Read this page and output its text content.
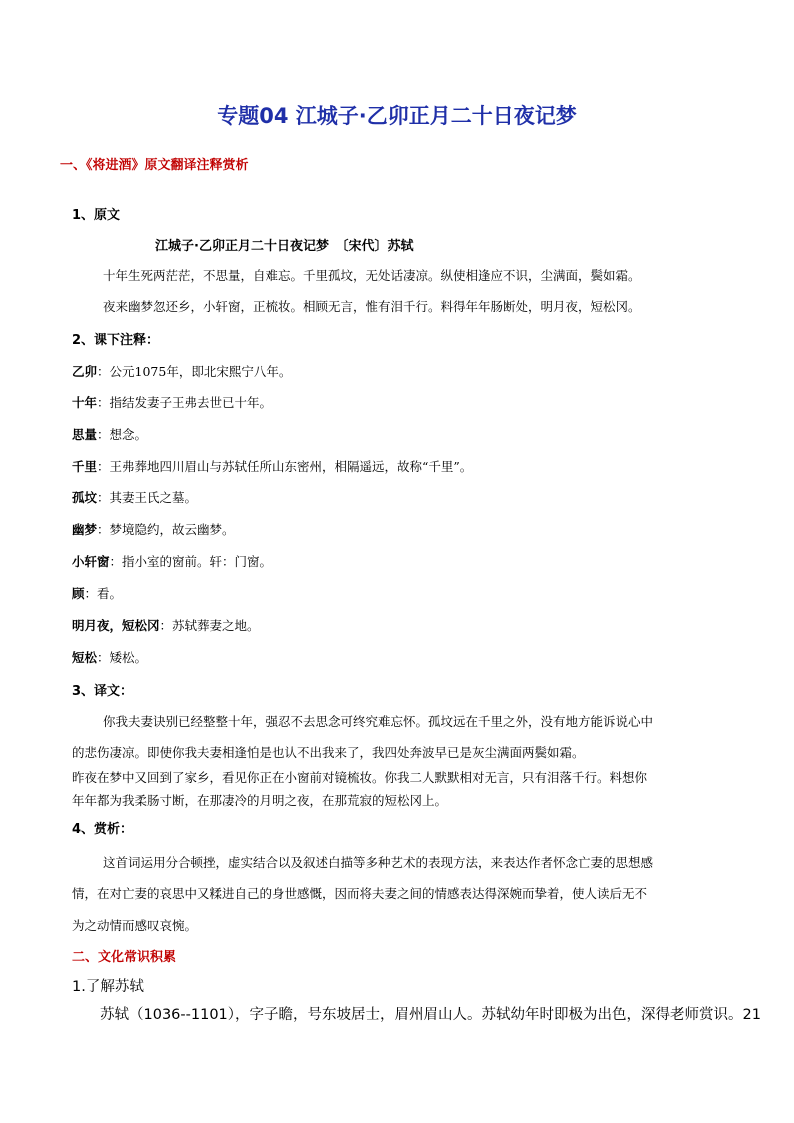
专题04 江城子·乙卯正月二十日夜记梦
一、《将进酒》原文翻译注释赏析
1、原文
江城子·乙卯正月二十日夜记梦　〔宋代〕苏轼
十年生死两茫茫，不思量，自难忘。千里孤坟，无处话凄凉。纵使相逢应不识，尘满面，鬓如霜。
夜来幽梦忽还乡，小轩窗，正梳妆。相顾无言，惟有泪千行。料得年年肠断处，明月夜，短松冈。
2、课下注释：
乙卯：公元1075年，即北宋熙宁八年。
十年：指结发妻子王弗去世已十年。
思量：想念。
千里：王弗葬地四川眉山与苏轼任所山东密州，相隔遥远，故称“千里”。
孤坟：其妻王氏之墓。
幽梦：梦境隐约，故云幽梦。
小轩窗：指小室的窗前。轩：门窗。
顾：看。
明月夜，短松冈：苏轼葬妻之地。
短松：矮松。
3、译文：
你我夫妻诀别已经整整十年，强忍不去思念可终究难忘怀。孤坟远在千里之外，没有地方能诉说心中
的悲伤凄凉。即使你我夫妻相逢怕是也认不出我来了，我四处奔波早已是灰尘满面两鬓如霜。
昨夜在梦中又回到了家乡，看见你正在小窗前对镜梳妆。你我二人默默相对无言，只有泪落千行。料想你
年年都为我柔肠寸断，在那凄冷的月明之夜，在那荒寂的短松冈上。
4、赏析：
这首词运用分合顿挫，虚实结合以及叙述白描等多种艺术的表现方法，来表达作者怀念亡妻的思想感
情，在对亡妻的哀思中又糅进自己的身世感慨，因而将夫妻之间的情感表达得深婉而挚着，使人读后无不
为之动情而感叹哀惋。
二、文化常识积累
1.了解苏轼
苏轼（1036--1101），字子瞻，号东坡居士，眉州眉山人。苏轼幼年时即极为出色，深得老师赏识。21
